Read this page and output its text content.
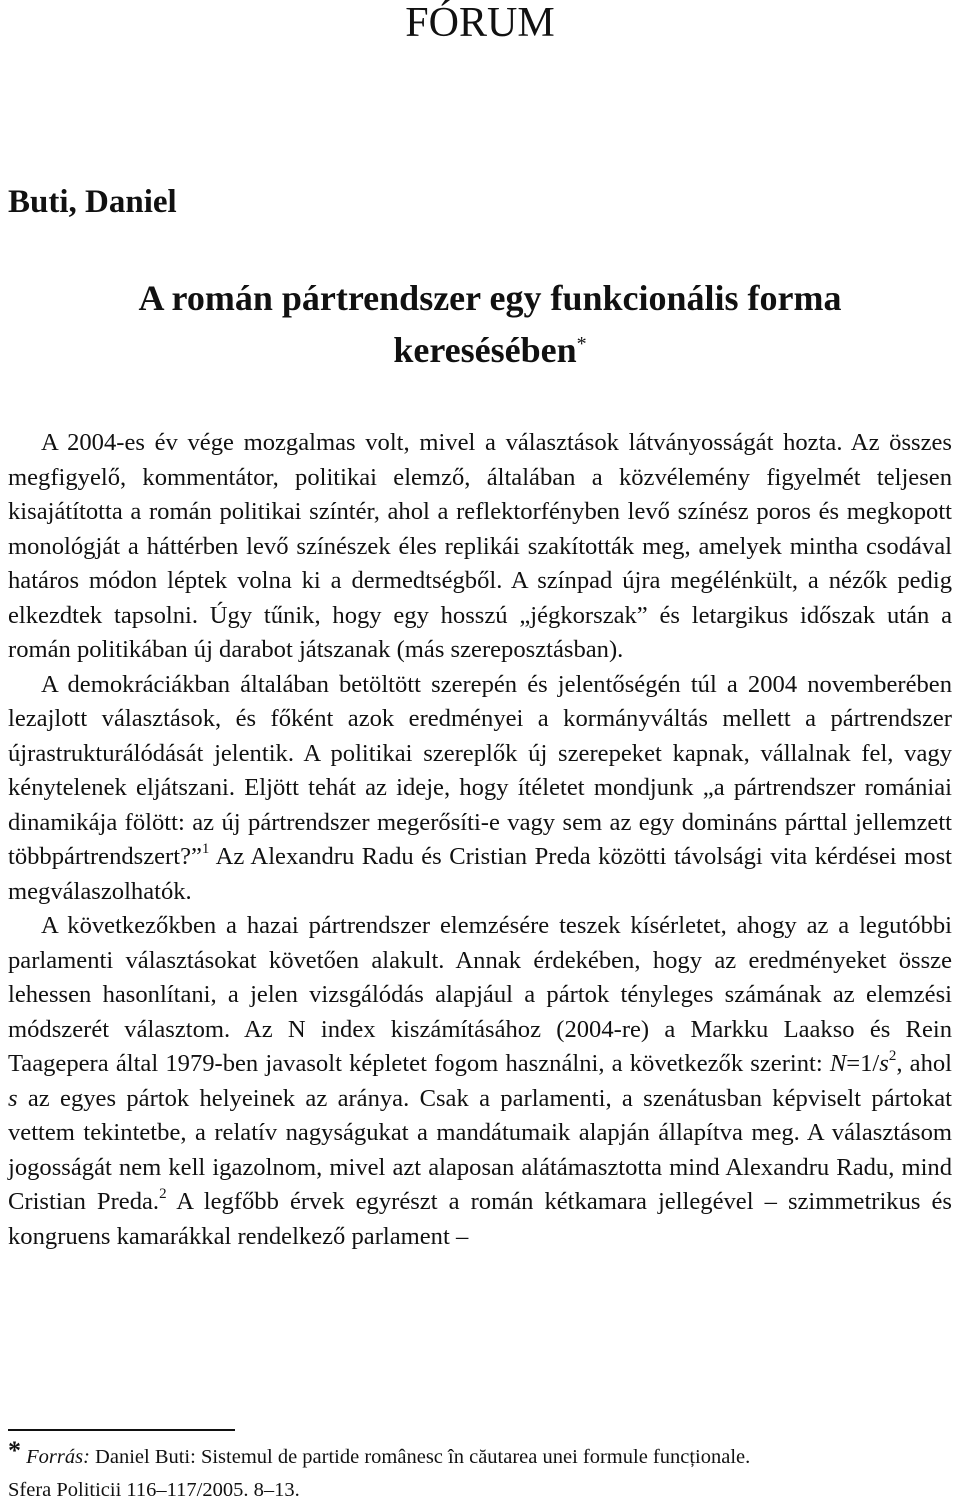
FÓRUM
Buti, Daniel
A román pártrendszer egy funkcionális forma
keresésében*

A 2004-es év vége mozgalmas volt, mivel a választások látványosságát hozta. Az összes megfigyelő, kommentátor, politikai elemző, általában a közvélemény figyelmét teljesen kisajátította a román politikai színtér, ahol a reflektorfényben levő színész poros és megkopott monológját a háttérben levő színészek éles replikái szakították meg, amelyek mintha csodával határos módon léptek volna ki a dermedtségből. A színpad újra megélénkült, a nézők pedig elkezdtek tapsolni. Úgy tűnik, hogy egy hosszú „jégkorszak” és letargikus időszak után a román politikában új darabot játszanak (más szereposztásban).

A demokráciákban általában betöltött szerepén és jelentőségén túl a 2004 novemberében lezajlott választások, és főként azok eredményei a kormányváltás mellett a pártrendszer újrastrukturálódását jelentik. A politikai szereplők új szerepeket kapnak, vállalnak fel, vagy kénytelenek eljátszani. Eljött tehát az ideje, hogy ítéletet mondjunk „a pártrendszer romániai dinamikája fölött: az új pártrendszer megerősíti-e vagy sem az egy domináns párttal jellemzett többpártrendszert?”$^1$ Az Alexandru Radu és Cristian Preda közötti távolsági vita kérdései most megválaszolhatók.

A következőkben a hazai pártrendszer elemzésére teszek kísérletet, ahogy az a legutóbbi parlamenti választásokat követően alakult. Annak érdekében, hogy az eredményeket össze lehessen hasonlítani, a jelen vizsgálódás alapjául a pártok tényleges számának az elemzési módszerét választom. Az N index kiszámításához (2004-re) a Markku Laakso és Rein Taagepera által 1979-ben javasolt képletet fogom használni, a következők szerint: $N=1/s^2$, ahol s az egyes pártok helyeinek az aránya. Csak a parlamenti, a szenátusban képviselt pártokat vettem tekintetbe, a relatív nagyságukat a mandátumaik alapján állapítva meg. A választásom jogosságát nem kell igazolnom, mivel azt alaposan alátámasztotta mind Alexandru Radu, mind Cristian Preda.$^2$ A legfőbb érvek egyrészt a román kétkamara jellegével – szimmetrikus és kongruens kamarákkal rendelkező parlament –

* Forrás: Daniel Buti: Sistemul de partide românesc în căutarea unei formule funcționale.
Sfera Politicii 116–117/2005. 8–13.
